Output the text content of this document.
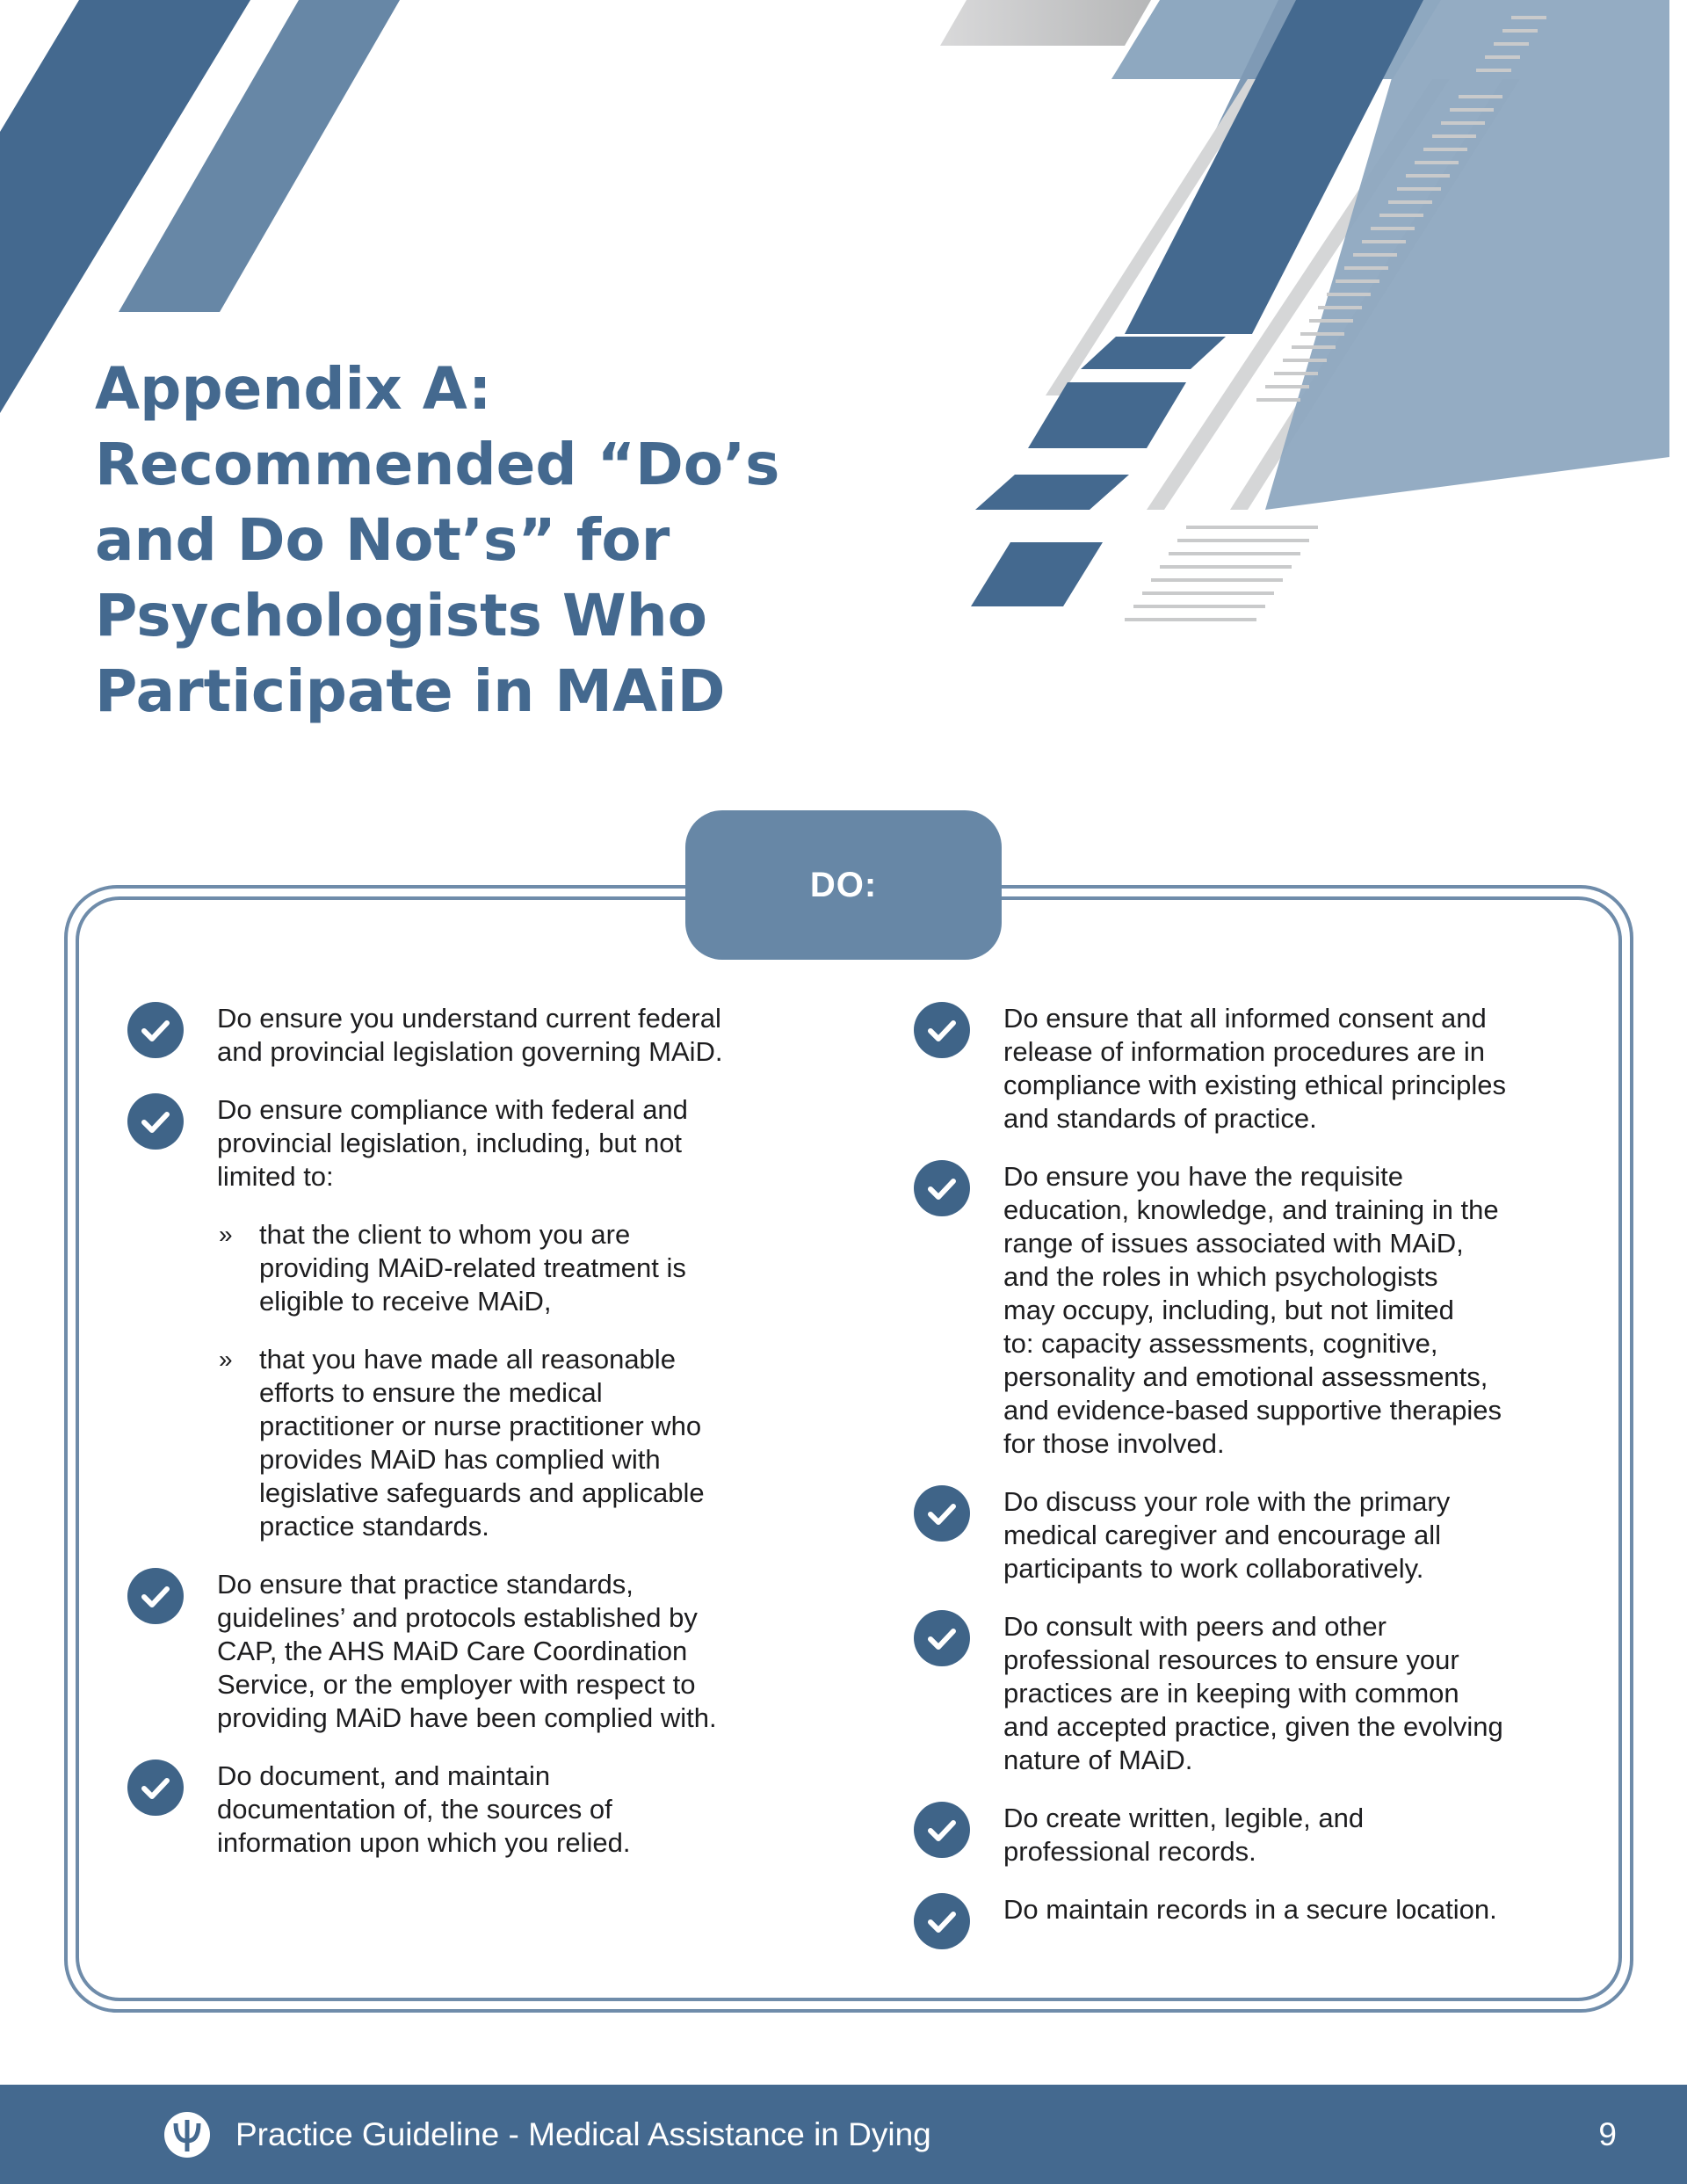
Appendix A:
Recommended “Do’s
and Do Not’s” for
Psychologists Who
Participate in MAiD
DO:
Do ensure you understand current federal
and provincial legislation governing MAiD.
Do ensure compliance with federal and
provincial legislation, including, but not
limited to:
» that the client to whom you are
providing MAiD-related treatment is
eligible to receive MAiD,
» that you have made all reasonable
efforts to ensure the medical
practitioner or nurse practitioner who
provides MAiD has complied with
legislative safeguards and applicable
practice standards.
Do ensure that practice standards,
guidelines’ and protocols established by
CAP, the AHS MAiD Care Coordination
Service, or the employer with respect to
providing MAiD have been complied with.
Do document, and maintain
documentation of, the sources of
information upon which you relied.
Do ensure that all informed consent and
release of information procedures are in
compliance with existing ethical principles
and standards of practice.
Do ensure you have the requisite
education, knowledge, and training in the
range of issues associated with MAiD,
and the roles in which psychologists
may occupy, including, but not limited
to: capacity assessments, cognitive,
personality and emotional assessments,
and evidence-based supportive therapies
for those involved.
Do discuss your role with the primary
medical caregiver and encourage all
participants to work collaboratively.
Do consult with peers and other
professional resources to ensure your
practices are in keeping with common
and accepted practice, given the evolving
nature of MAiD.
Do create written, legible, and
professional records.
Do maintain records in a secure location.
Practice Guideline - Medical Assistance in Dying	9
